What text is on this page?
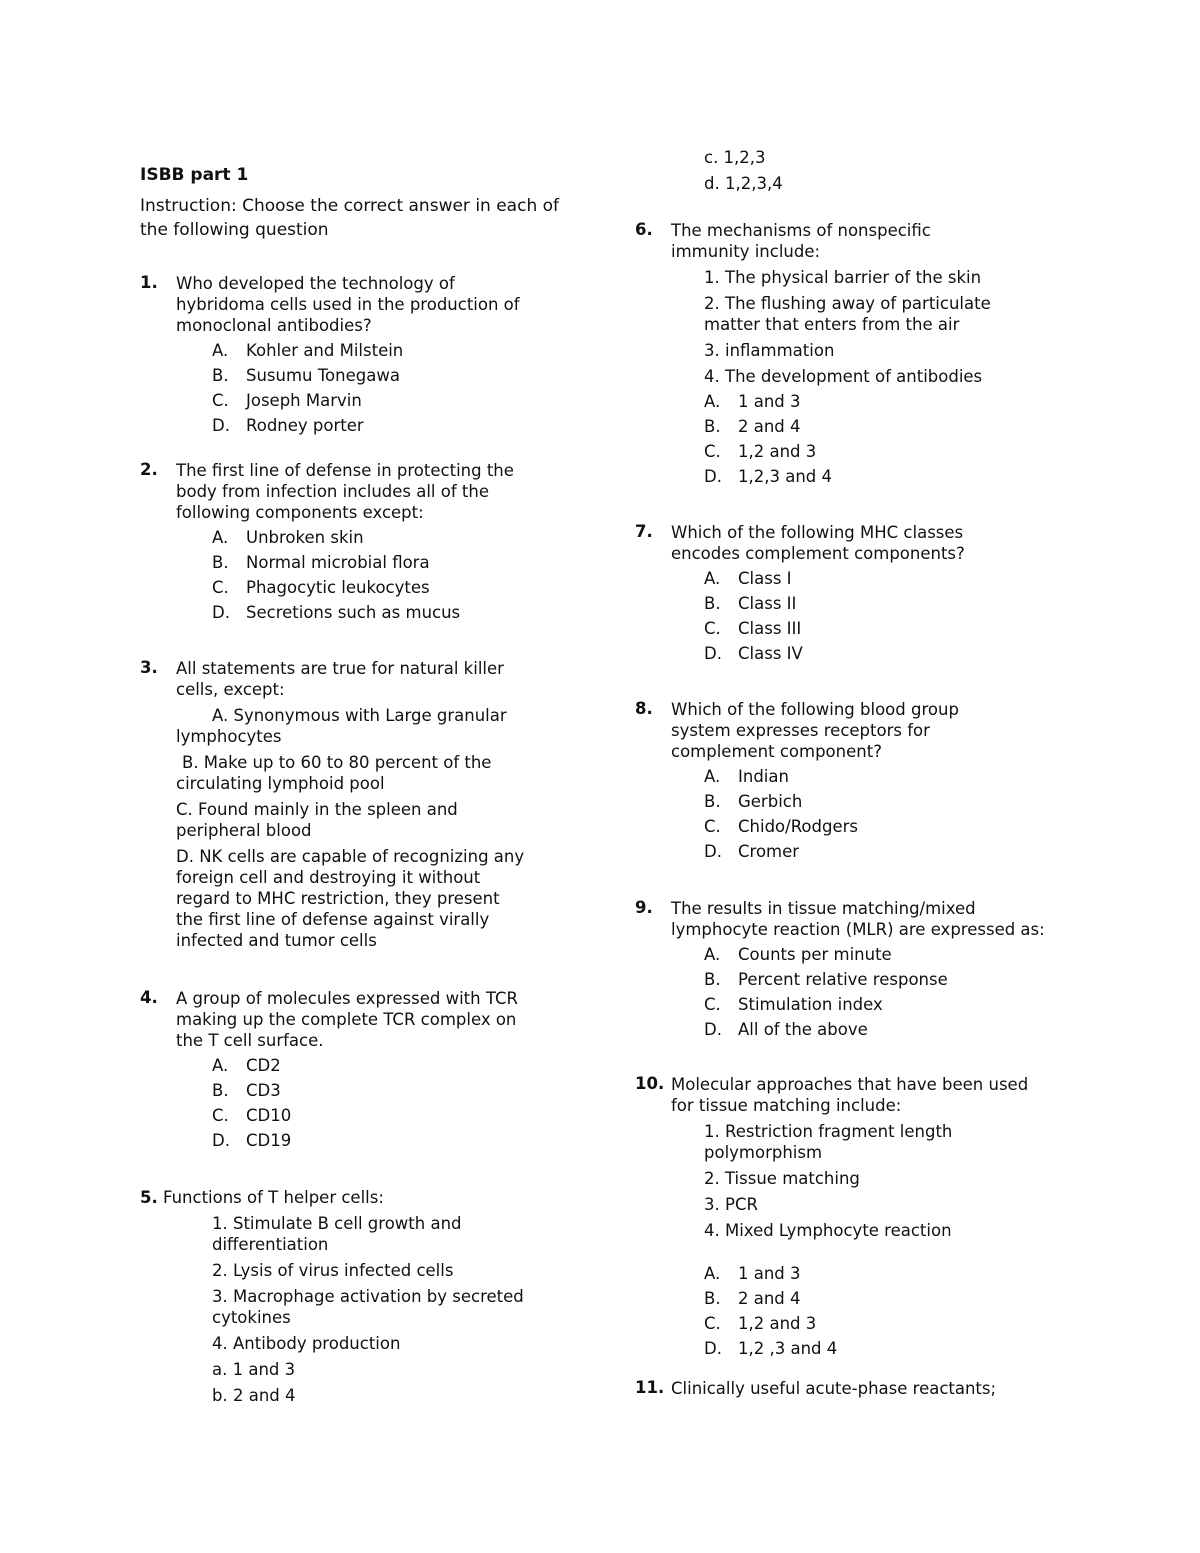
ISBB part 1
Instruction: Choose the correct answer in each of the following question
1. Who developed the technology of hybridoma cells used in the production of monoclonal antibodies?
A.	Kohler and Milstein
B.	Susumu Tonegawa
C.	Joseph Marvin
D. Rodney porter
2. The first line of defense in protecting the body from infection includes all of the following components except:
A.	Unbroken skin
B.	Normal microbial flora
C.	Phagocytic leukocytes
D. Secretions such as mucus
3. All statements are true for natural killer cells, except:
A. Synonymous with Large granular lymphocytes
B. Make up to 60 to 80 percent of the circulating lymphoid pool
C. Found mainly in the spleen and peripheral blood
D. NK cells are capable of recognizing any foreign cell and destroying it without regard to MHC restriction, they present the first line of defense against virally infected and tumor cells
4. A group of molecules expressed with TCR making up the complete TCR complex on the T cell surface.
A.	CD2
B.	CD3
C.	CD10
D. CD19
5. Functions of T helper cells:
1. Stimulate B cell growth and differentiation
2. Lysis of virus infected cells
3. Macrophage activation by secreted cytokines
4. Antibody production
a. 1 and 3
b. 2 and 4
c. 1,2,3
d. 1,2,3,4
6. The mechanisms of nonspecific immunity include:
1. The physical barrier of the skin
2. The flushing away of particulate matter that enters from the air
3. inflammation
4. The development of antibodies
A.	1 and 3
B.	2 and 4
C.	1,2 and 3
D. 1,2,3 and 4
7. Which of the following MHC classes encodes complement components?
A.	Class I
B.	Class II
C.	Class III
D. Class IV
8. Which of the following blood group system expresses receptors for complement component?
A.	Indian
B.	Gerbich
C.	Chido/Rodgers
D. Cromer
9. The results in tissue matching/mixed lymphocyte reaction (MLR) are expressed as:
A.	Counts per minute
B.	Percent relative response
C.	Stimulation index
D. All of the above
10. Molecular approaches that have been used for tissue matching include:
1. Restriction fragment length polymorphism
2. Tissue matching
3. PCR
4. Mixed Lymphocyte reaction
A.	1 and 3
B.	2 and 4
C.	1,2 and 3
D. 1,2 ,3 and 4
11. Clinically useful acute-phase reactants;
